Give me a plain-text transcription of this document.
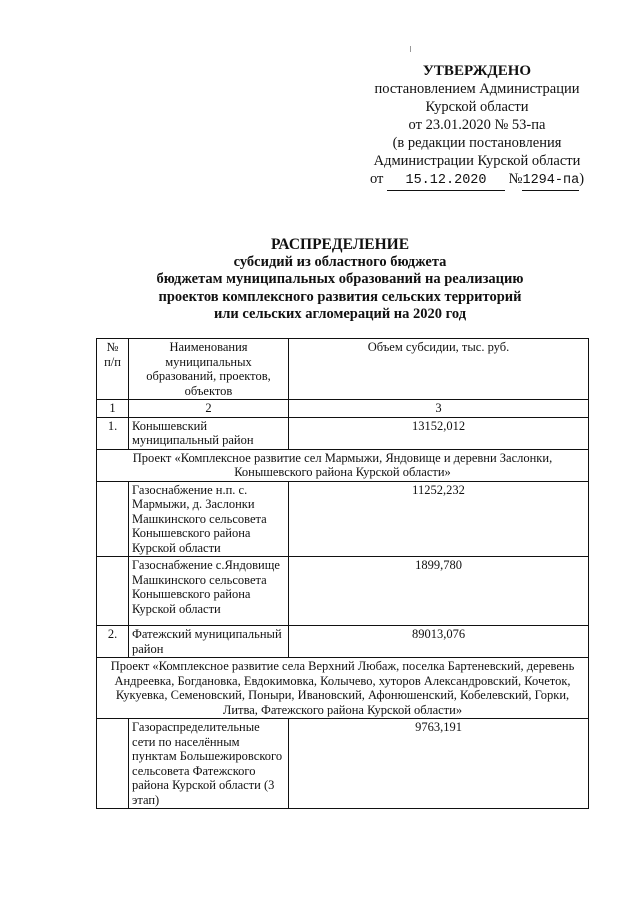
УТВЕРЖДЕНО
постановлением Администрации
Курской области
от 23.01.2020 № 53-па
(в редакции постановления
Администрации Курской области
от 15.12.2020 №1294-па)
РАСПРЕДЕЛЕНИЕ
субсидий из областного бюджета
бюджетам муниципальных образований на реализацию
проектов комплексного развития сельских территорий
или сельских агломераций на 2020 год
№ п/п	Наименования муниципальных образований, проектов, объектов	Объем субсидии, тыс. руб.
1	2	3
1.	Конышевский муниципальный район	13152,012
Проект «Комплексное развитие сел Мармыжи, Яндовище и деревни Заслонки, Конышевского района Курской области»		
	Газоснабжение н.п. с. Мармыжи, д. Заслонки Машкинского сельсовета Конышевского района Курской области	11252,232
	Газоснабжение с.Яндовище Машкинского сельсовета Конышевского района Курской области	1899,780
2.	Фатежский муниципальный район	89013,076
Проект «Комплексное развитие села Верхний Любаж, поселка Бартеневский, деревень Андреевка, Богдановка, Евдокимовка, Колычево, хуторов Александровский, Кочеток, Кукуевка, Семеновский, Поныри, Ивановский, Афонюшенский, Кобелевский, Горки, Литва, Фатежского района Курской области»		
	Газораспределительные сети по населённым пунктам Большежировского сельсовета Фатежского района Курской области (3 этап)	9763,191
